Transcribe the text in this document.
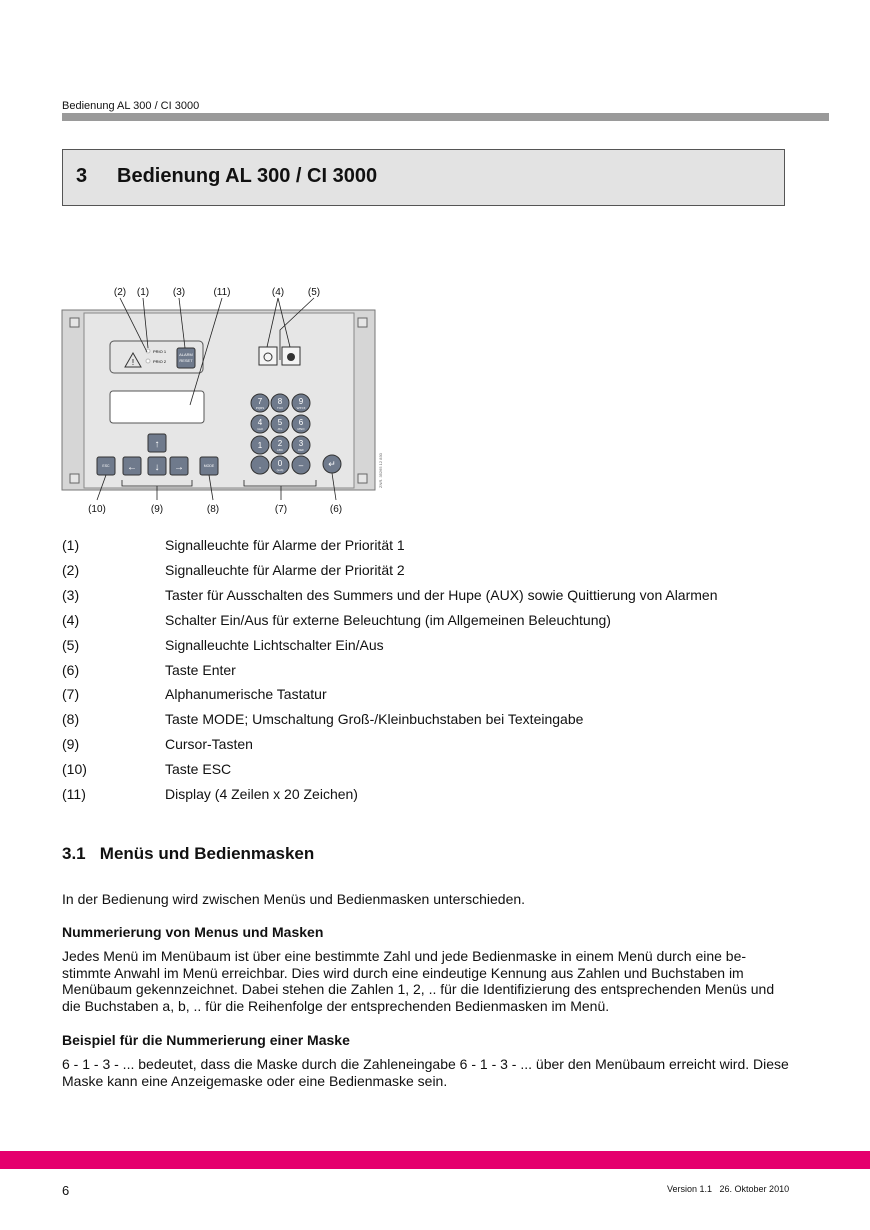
Bedienung AL 300 / CI 3000
3 Bedienung AL 300 / CI 3000
(2) (1) (3)	(11)	(4) (5)
(10)	(9)	(8)	(7)	(6)
!
PRIO 1
PRIO 2
ALARM
RESET
7
PQRS
8
TUV
9
WXYZ
4
GHI
5
JKL
6
MNO
1 2
ABC
3
DEF
, 0
(sub) –	↵
↑
← ↓ →
ESC	MODE	ZNR. 35265 12 830
(1)	Signalleuchte für Alarme der Priorität 1
(2)	Signalleuchte für Alarme der Priorität 2
(3)	Taster für Ausschalten des Summers und der Hupe (AUX) sowie Quittierung von Alarmen
(4)	Schalter Ein/Aus für externe Beleuchtung (im Allgemeinen Beleuchtung)
(5)	Signalleuchte Lichtschalter Ein/Aus
(6)	Taste Enter
(7)	Alphanumerische Tastatur
(8)	Taste MODE; Umschaltung Groß-/Kleinbuchstaben bei Texteingabe
(9)	Cursor-Tasten
(10)	Taste ESC
(11)	Display (4 Zeilen x 20 Zeichen)
3.1   Menüs und Bedienmasken
In der Bedienung wird zwischen Menüs und Bedienmasken unterschieden.
Nummerierung von Menus und Masken
Jedes Menü im Menübaum ist über eine bestimmte Zahl und jede Bedienmaske in einem Menü durch eine be-stimmte Anwahl im Menü erreichbar. Dies wird durch eine eindeutige Kennung aus Zahlen und Buchstaben im Menübaum gekennzeichnet. Dabei stehen die Zahlen 1, 2, .. für die Identifizierung des entsprechenden Menüs und die Buchstaben a, b, .. für die Reihenfolge der entsprechenden Bedienmasken im Menü.
Beispiel für die Nummerierung einer Maske
6 - 1 - 3 - ... bedeutet, dass die Maske durch die Zahleneingabe 6 - 1 - 3 - ... über den Menübaum erreicht wird. Diese Maske kann eine Anzeigemaske oder eine Bedienmaske sein.
6	Version 1.1   26. Oktober 2010
